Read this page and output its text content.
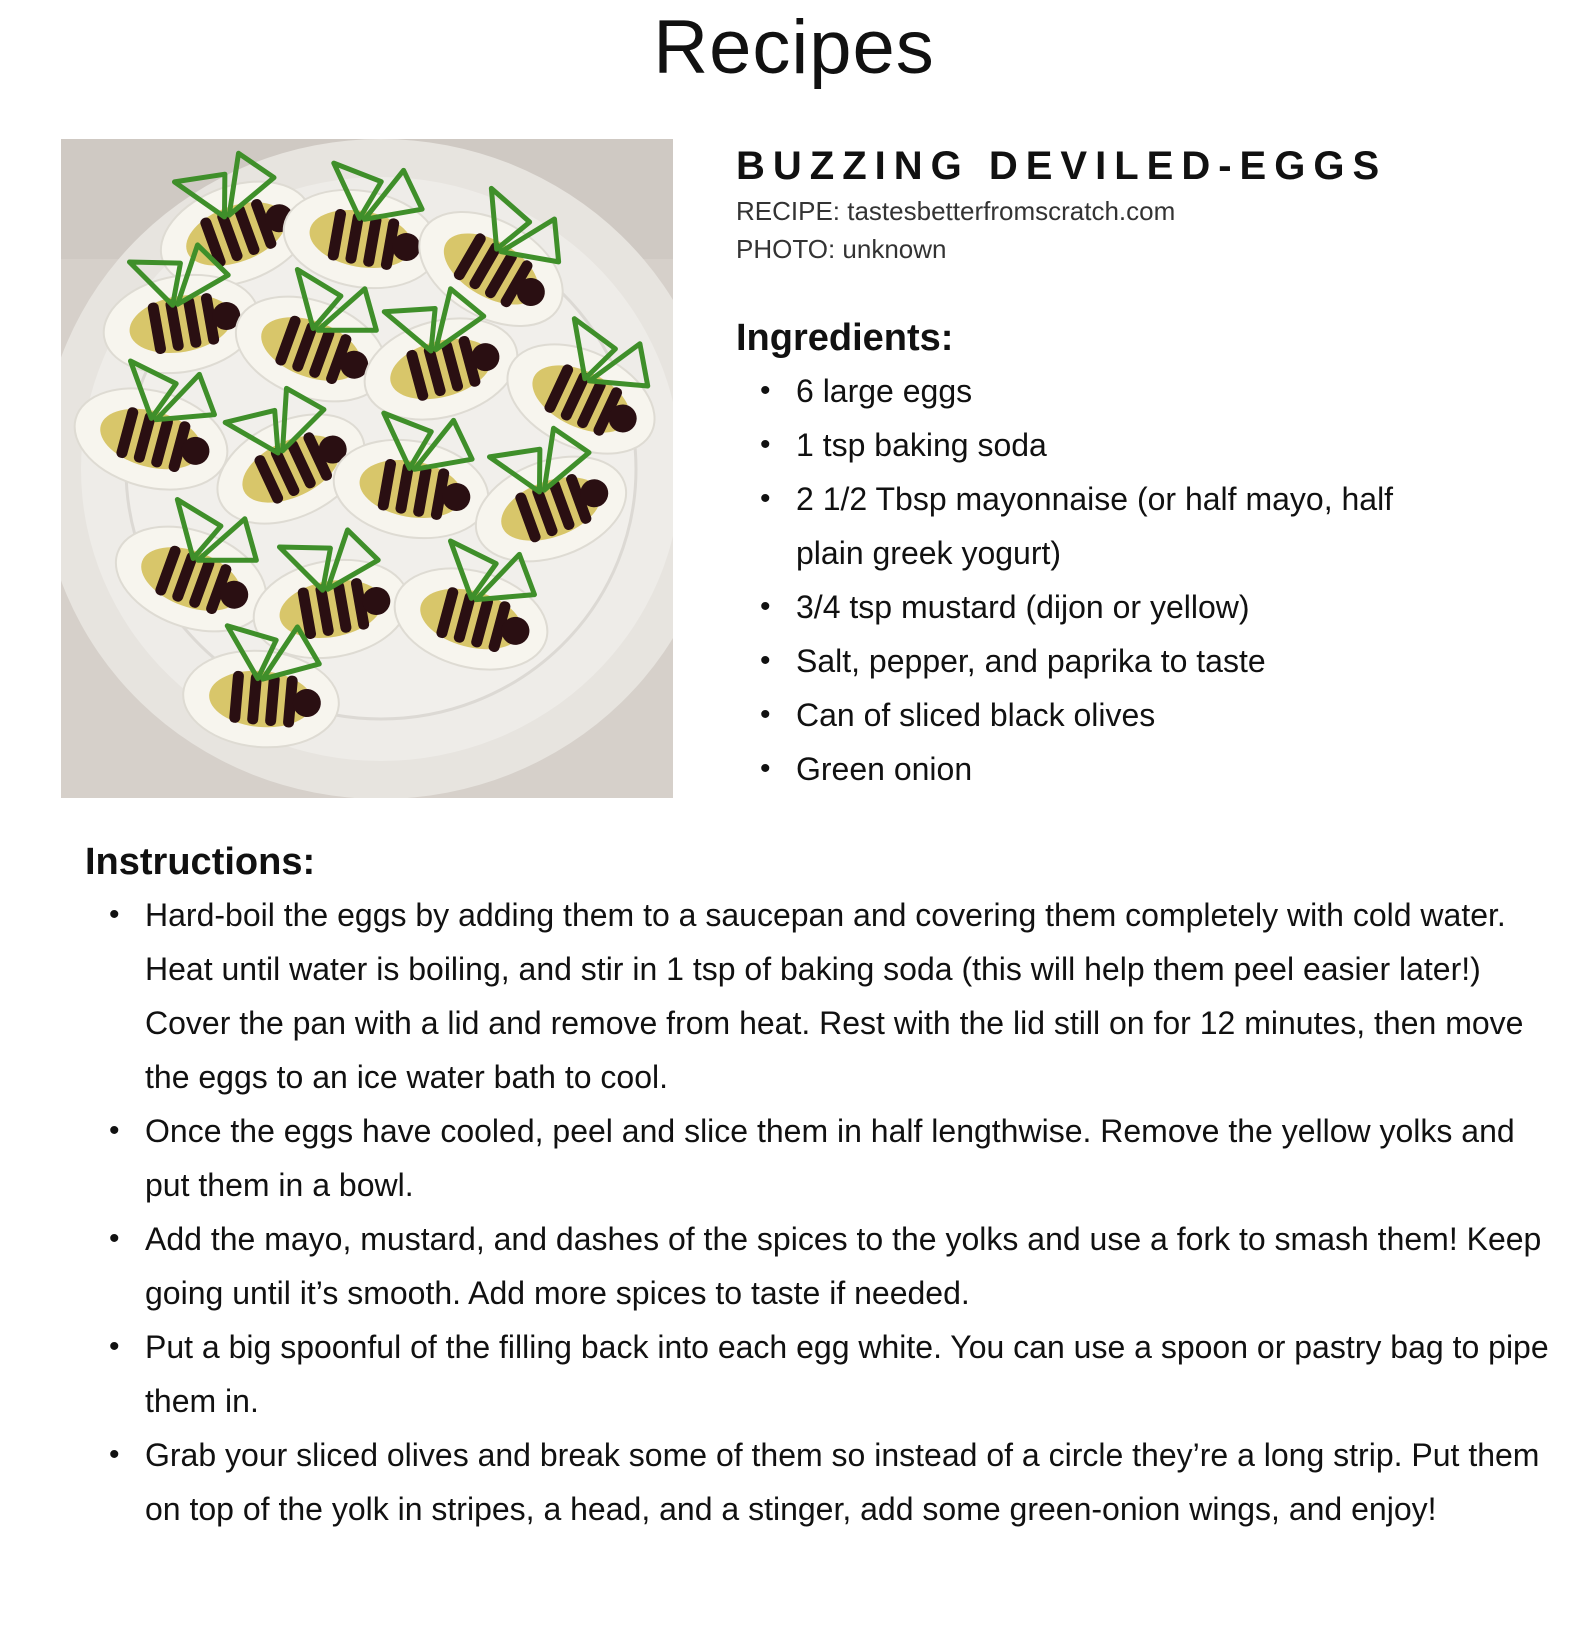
Recipes
BUZZING DEVILED-EGGS
RECIPE: tastesbetterfromscratch.com
PHOTO: unknown
Ingredients:
• 6 large eggs
• 1 tsp baking soda
• 2 1/2 Tbsp mayonnaise (or half mayo, half plain greek yogurt)
• 3/4 tsp mustard (dijon or yellow)
• Salt, pepper, and paprika to taste
• Can of sliced black olives
• Green onion
Instructions:
• Hard-boil the eggs by adding them to a saucepan and covering them completely with cold water. Heat until water is boiling, and stir in 1 tsp of baking soda (this will help them peel easier later!) Cover the pan with a lid and remove from heat. Rest with the lid still on for 12 minutes, then move the eggs to an ice water bath to cool.
• Once the eggs have cooled, peel and slice them in half lengthwise. Remove the yellow yolks and put them in a bowl.
• Add the mayo, mustard, and dashes of the spices to the yolks and use a fork to smash them! Keep going until it’s smooth. Add more spices to taste if needed.
• Put a big spoonful of the filling back into each egg white. You can use a spoon or pastry bag to pipe them in.
• Grab your sliced olives and break some of them so instead of a circle they’re a long strip. Put them on top of the yolk in stripes, a head, and a stinger, add some green-onion wings, and enjoy!
